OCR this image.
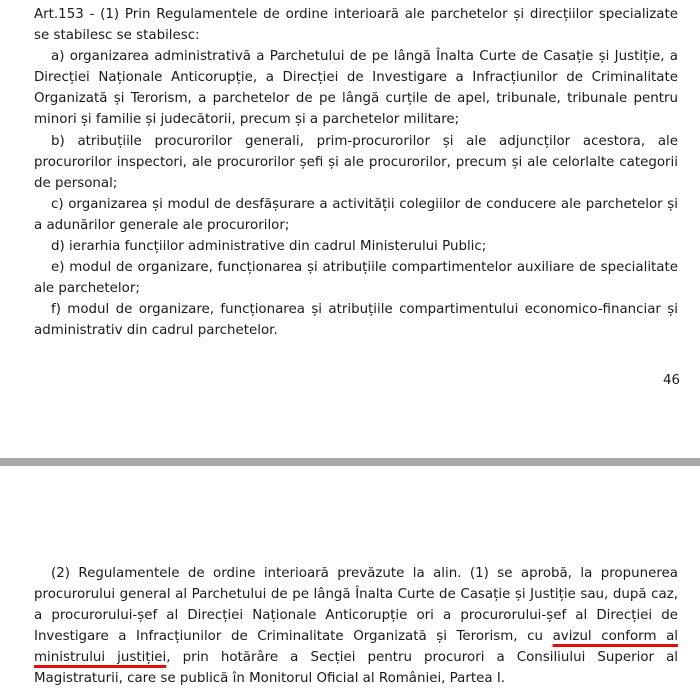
Art.153 - (1) Prin Regulamentele de ordine interioară ale parchetelor și direcțiilor specializate se stabilesc se stabilesc:

a) organizarea administrativă a Parchetului de pe lângă Înalta Curte de Casație și Justiție, a Direcției Naționale Anticorupție, a Direcției de Investigare a Infracțiunilor de Criminalitate Organizată și Terorism, a parchetelor de pe lângă curțile de apel, tribunale, tribunale pentru minori și familie și judecătorii, precum și a parchetelor militare;

b) atribuțiile procurorilor generali, prim-procurorilor și ale adjuncților acestora, ale procurorilor inspectori, ale procurorilor șefi și ale procurorilor, precum și ale celorlalte categorii de personal;

c) organizarea și modul de desfășurare a activității colegiilor de conducere ale parchetelor și a adunărilor generale ale procurorilor;

d) ierarhia funcțiilor administrative din cadrul Ministerului Public;

e) modul de organizare, funcționarea și atribuțiile compartimentelor auxiliare de specialitate ale parchetelor;

f) modul de organizare, funcționarea și atribuțiile compartimentului economico-financiar și administrativ din cadrul parchetelor.

46

(2) Regulamentele de ordine interioară prevăzute la alin. (1) se aprobă, la propunerea procurorului general al Parchetului de pe lângă Înalta Curte de Casație și Justiție sau, după caz, a procurorului-șef al Direcției Naționale Anticorupție ori a procurorului-șef al Direcției de Investigare a Infracțiunilor de Criminalitate Organizată și Terorism, cu avizul conform al ministrului justiției, prin hotărâre a Secției pentru procurori a Consiliului Superior al Magistraturii, care se publică în Monitorul Oficial al României, Partea I.
